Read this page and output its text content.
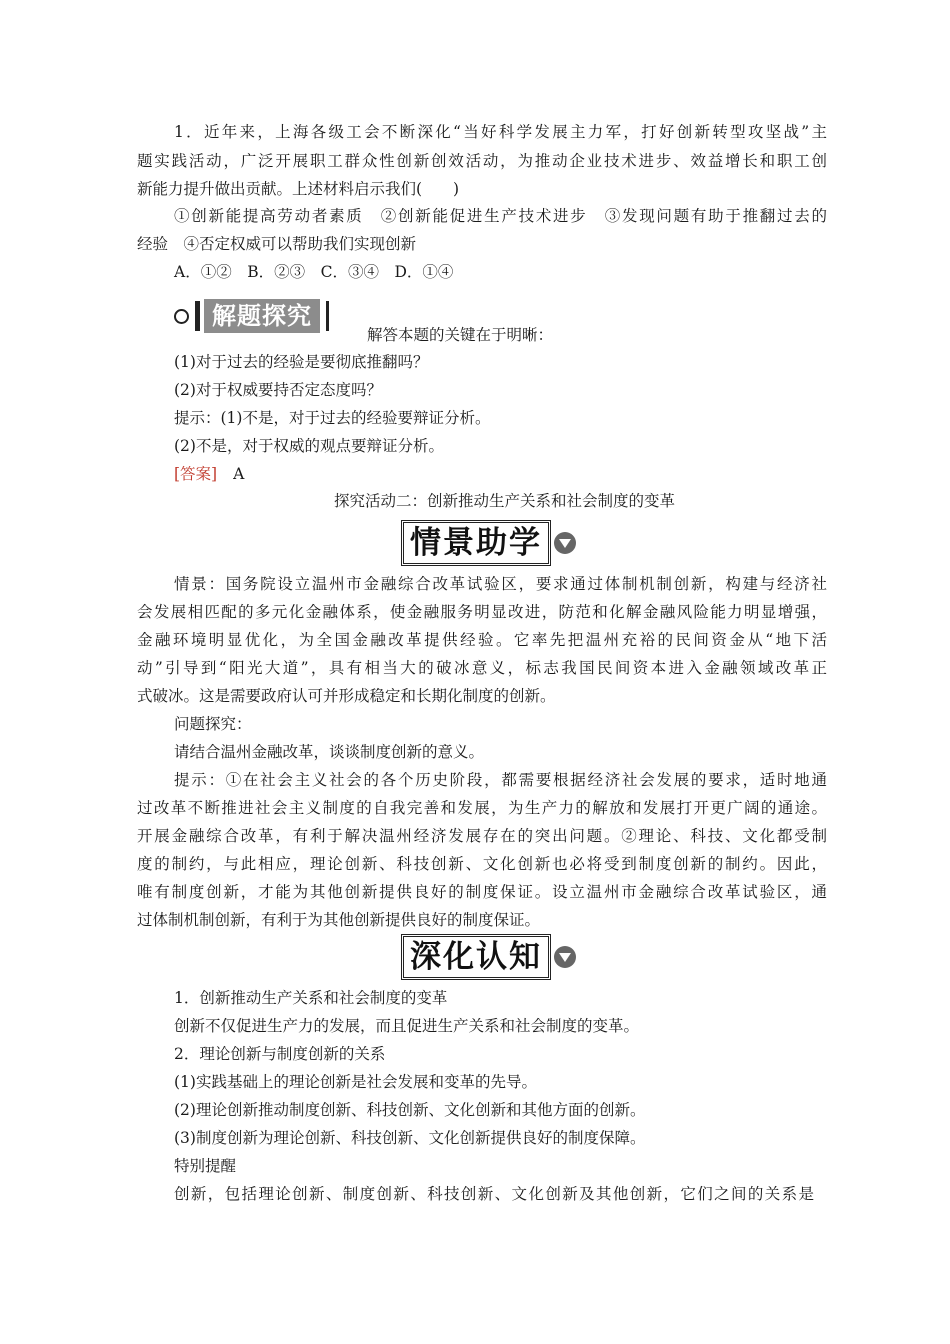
1．近年来，上海各级工会不断深化“当好科学发展主力军，打好创新转型攻坚战”主
题实践活动，广泛开展职工群众性创新创效活动，为推动企业技术进步、效益增长和职工创
新能力提升做出贡献。上述材料启示我们(　　)
①创新能提高劳动者素质　②创新能促进生产技术进步　③发现问题有助于推翻过去的
经验　④否定权威可以帮助我们实现创新
A．①②　B．②③　C．③④　D．①④
解题探究
解答本题的关键在于明晰：
(1)对于过去的经验是要彻底推翻吗？
(2)对于权威要持否定态度吗？
提示：(1)不是，对于过去的经验要辩证分析。
(2)不是，对于权威的观点要辩证分析。
[答案] A
探究活动二：创新推动生产关系和社会制度的变革
情景助学
情景：国务院设立温州市金融综合改革试验区，要求通过体制机制创新，构建与经济社
会发展相匹配的多元化金融体系，使金融服务明显改进，防范和化解金融风险能力明显增强，
金融环境明显优化，为全国金融改革提供经验。它率先把温州充裕的民间资金从“地下活
动”引导到“阳光大道”，具有相当大的破冰意义，标志我国民间资本进入金融领域改革正
式破冰。这是需要政府认可并形成稳定和长期化制度的创新。
问题探究：
请结合温州金融改革，谈谈制度创新的意义。
提示：①在社会主义社会的各个历史阶段，都需要根据经济社会发展的要求，适时地通
过改革不断推进社会主义制度的自我完善和发展，为生产力的解放和发展打开更广阔的通途。
开展金融综合改革，有利于解决温州经济发展存在的突出问题。②理论、科技、文化都受制
度的制约，与此相应，理论创新、科技创新、文化创新也必将受到制度创新的制约。因此，
唯有制度创新，才能为其他创新提供良好的制度保证。设立温州市金融综合改革试验区，通
过体制机制创新，有利于为其他创新提供良好的制度保证。
深化认知
1．创新推动生产关系和社会制度的变革
创新不仅促进生产力的发展，而且促进生产关系和社会制度的变革。
2．理论创新与制度创新的关系
(1)实践基础上的理论创新是社会发展和变革的先导。
(2)理论创新推动制度创新、科技创新、文化创新和其他方面的创新。
(3)制度创新为理论创新、科技创新、文化创新提供良好的制度保障。
特别提醒
创新，包括理论创新、制度创新、科技创新、文化创新及其他创新，它们之间的关系是
